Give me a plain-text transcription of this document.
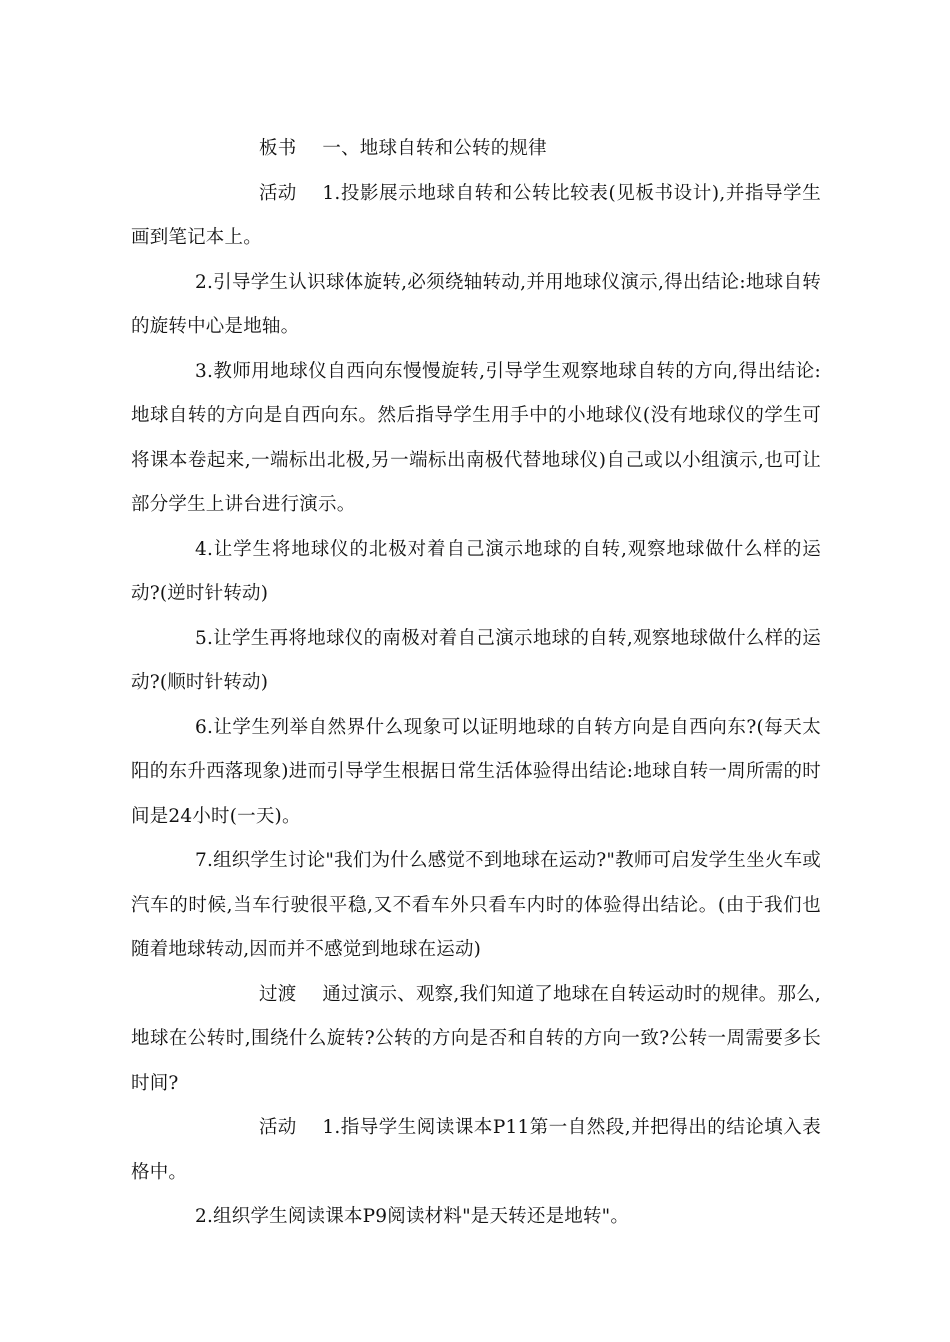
板书 一、地球自转和公转的规律

活动 1.投影展示地球自转和公转比较表(见板书设计),并指导学生画到笔记本上。

2.引导学生认识球体旋转,必须绕轴转动,并用地球仪演示,得出结论:地球自转的旋转中心是地轴。

3.教师用地球仪自西向东慢慢旋转,引导学生观察地球自转的方向,得出结论:地球自转的方向是自西向东。然后指导学生用手中的小地球仪(没有地球仪的学生可将课本卷起来,一端标出北极,另一端标出南极代替地球仪)自己或以小组演示,也可让部分学生上讲台进行演示。

4.让学生将地球仪的北极对着自己演示地球的自转,观察地球做什么样的运动?(逆时针转动)

5.让学生再将地球仪的南极对着自己演示地球的自转,观察地球做什么样的运动?(顺时针转动)

6.让学生列举自然界什么现象可以证明地球的自转方向是自西向东?(每天太阳的东升西落现象)进而引导学生根据日常生活体验得出结论:地球自转一周所需的时间是24小时(一天)。

7.组织学生讨论"我们为什么感觉不到地球在运动?"教师可启发学生坐火车或汽车的时候,当车行驶很平稳,又不看车外只看车内时的体验得出结论。(由于我们也随着地球转动,因而并不感觉到地球在运动)

过渡 通过演示、观察,我们知道了地球在自转运动时的规律。那么,地球在公转时,围绕什么旋转?公转的方向是否和自转的方向一致?公转一周需要多长时间?

活动 1.指导学生阅读课本P11第一自然段,并把得出的结论填入表格中。

2.组织学生阅读课本P9阅读材料"是天转还是地转"。
